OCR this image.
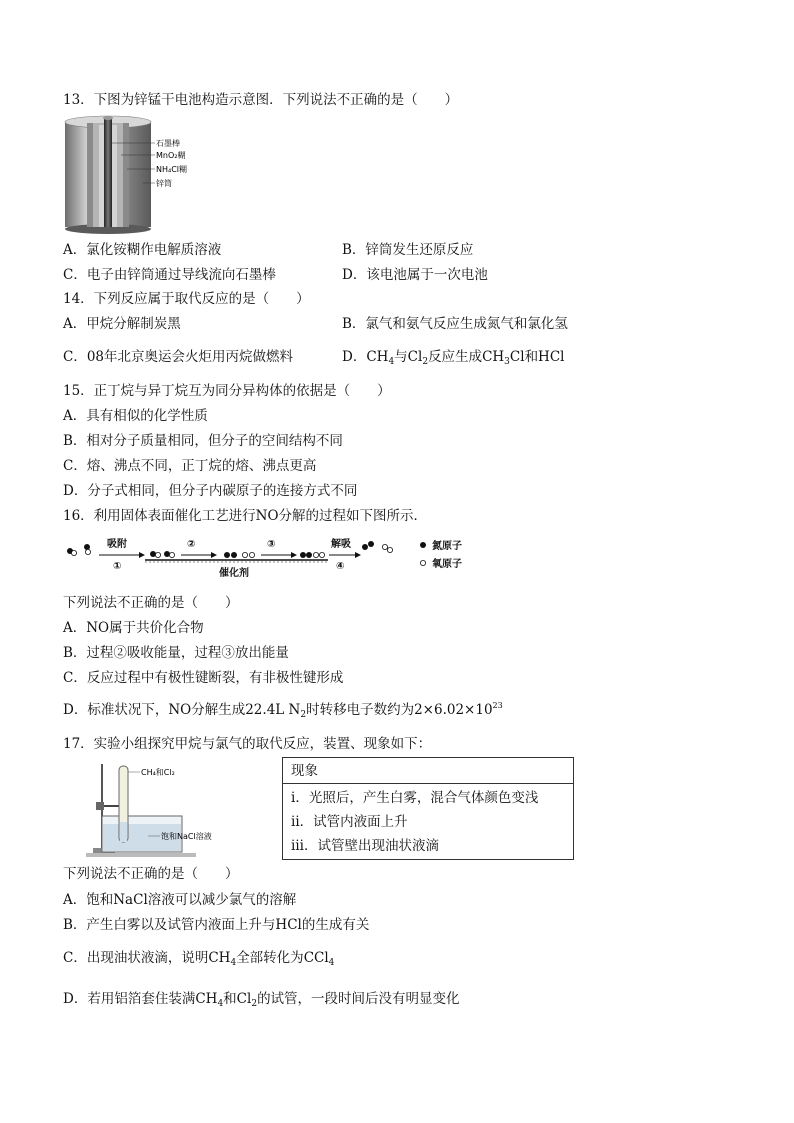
13．下图为锌锰干电池构造示意图．下列说法不正确的是（　　）
石墨棒
MnO₂糊
NH₄Cl糊
锌筒
A．氯化铵糊作电解质溶液	B．锌筒发生还原反应
C．电子由锌筒通过导线流向石墨棒	D．该电池属于一次电池
14．下列反应属于取代反应的是（　　）
A．甲烷分解制炭黑	B．氯气和氨气反应生成氮气和氯化氢
C．08年北京奥运会火炬用丙烷做燃料	D．$CH_4$与$Cl_2$反应生成$CH_3Cl$和HCl
15．正丁烷与异丁烷互为同分异构体的依据是（　　）
A．具有相似的化学性质
B．相对分子质量相同，但分子的空间结构不同
C．熔、沸点不同，正丁烷的熔、沸点更高
D．分子式相同，但分子内碳原子的连接方式不同
16．利用固体表面催化工艺进行NO分解的过程如下图所示．
吸附
①
②	③
催化剂
解吸
④
氮原子
氧原子
下列说法不正确的是（　　）
A．NO属于共价化合物
B．过程②吸收能量，过程③放出能量
C．反应过程中有极性键断裂，有非极性键形成
D．标准状况下，NO分解生成22.4L $N_2$时转移电子数约为$2\times 6.02\times 10^{23}$
17．实验小组探究甲烷与氯气的取代反应，装置、现象如下：
CH₄和Cl₂
饱和NaCl溶液
现象
ⅰ．光照后，产生白雾，混合气体颜色变浅
ⅱ．试管内液面上升
ⅲ．试管壁出现油状液滴
下列说法不正确的是（　　）
A．饱和NaCl溶液可以减少氯气的溶解
B．产生白雾以及试管内液面上升与HCl的生成有关
C．出现油状液滴，说明$CH_4$全部转化为CCl$_4$
D．若用铝箔套住装满$CH_4$和$Cl_2$的试管，一段时间后没有明显变化
